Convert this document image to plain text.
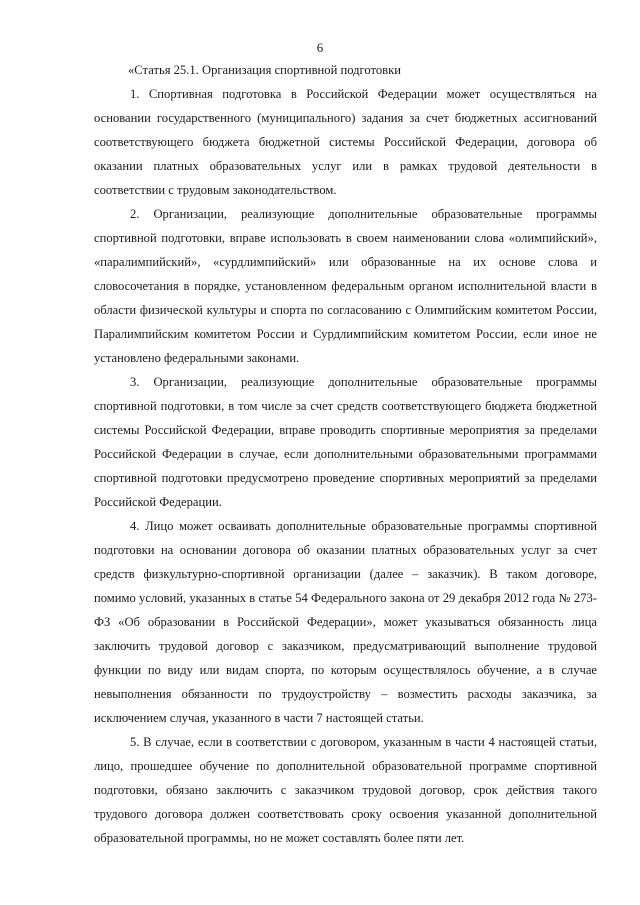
6

«Статья 25.1. Организация спортивной подготовки

1. Спортивная подготовка в Российской Федерации может осуществляться на основании государственного (муниципального) задания за счет бюджетных ассигнований соответствующего бюджета бюджетной системы Российской Федерации, договора об оказании платных образовательных услуг или в рамках трудовой деятельности в соответствии с трудовым законодательством.

2. Организации, реализующие дополнительные образовательные программы спортивной подготовки, вправе использовать в своем наименовании слова «олимпийский», «паралимпийский», «сурдлимпийский» или образованные на их основе слова и словосочетания в порядке, установленном федеральным органом исполнительной власти в области физической культуры и спорта по согласованию с Олимпийским комитетом России, Паралимпийским комитетом России и Сурдлимпийским комитетом России, если иное не установлено федеральными законами.

3. Организации, реализующие дополнительные образовательные программы спортивной подготовки, в том числе за счет средств соответствующего бюджета бюджетной системы Российской Федерации, вправе проводить спортивные мероприятия за пределами Российской Федерации в случае, если дополнительными образовательными программами спортивной подготовки предусмотрено проведение спортивных мероприятий за пределами Российской Федерации.

4. Лицо может осваивать дополнительные образовательные программы спортивной подготовки на основании договора об оказании платных образовательных услуг за счет средств физкультурно-спортивной организации (далее – заказчик). В таком договоре, помимо условий, указанных в статье 54 Федерального закона от 29 декабря 2012 года № 273-ФЗ «Об образовании в Российской Федерации», может указываться обязанность лица заключить трудовой договор с заказчиком, предусматривающий выполнение трудовой функции по виду или видам спорта, по которым осуществлялось обучение, а в случае невыполнения обязанности по трудоустройству – возместить расходы заказчика, за исключением случая, указанного в части 7 настоящей статьи.

5. В случае, если в соответствии с договором, указанным в части 4 настоящей статьи, лицо, прошедшее обучение по дополнительной образовательной программе спортивной подготовки, обязано заключить с заказчиком трудовой договор, срок действия такого трудового договора должен соответствовать сроку освоения указанной дополнительной образовательной программы, но не может составлять более пяти лет.
